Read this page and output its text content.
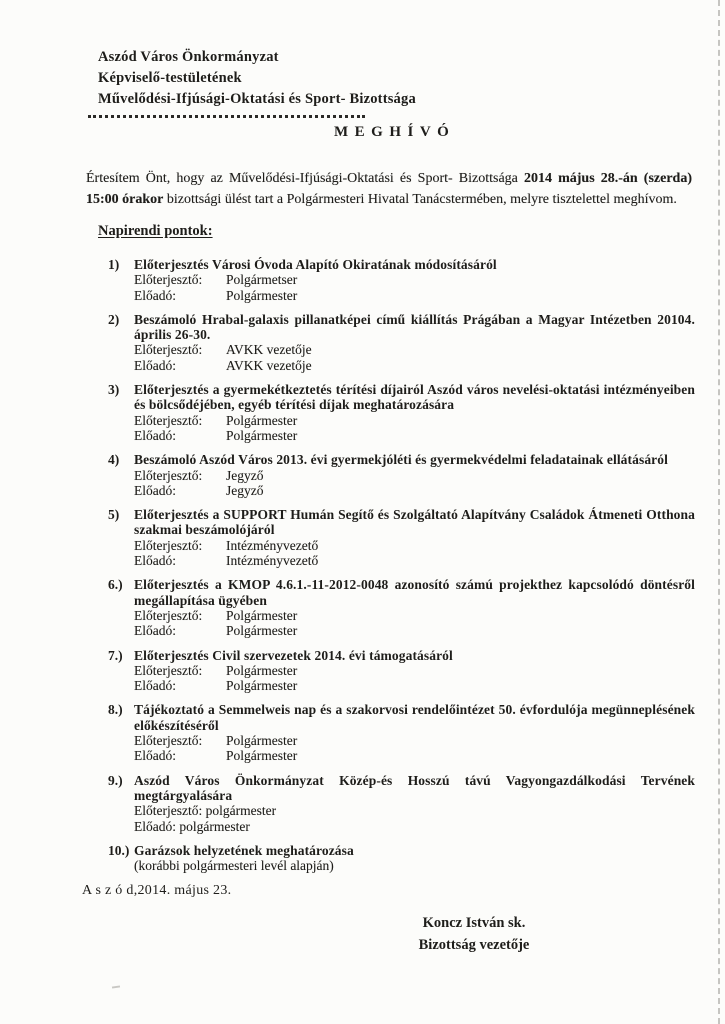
Aszód Város Önkormányzat
Képviselő-testületének
Művelődési-Ifjúsági-Oktatási és Sport- Bizottsága
MEGHÍVÓ

Értesítem Önt, hogy az Művelődési-Ifjúsági-Oktatási és Sport- Bizottsága 2014 május 28.-án (szerda) 15:00 órakor bizottsági ülést tart a Polgármesteri Hivatal Tanácstermében, melyre tisztelettel meghívom.

Napirendi pontok:
1)	Előterjesztés Városi Óvoda Alapító Okiratának módosításáról
Előterjesztő:	Polgármetser
Előadó:	Polgármester
2)	Beszámoló Hrabal-galaxis pillanatképei című kiállítás Prágában a Magyar Intézetben 20104. április 26-30.
Előterjesztő:	AVKK vezetője
Előadó:	AVKK vezetője
3)	Előterjesztés a gyermekétkeztetés térítési díjairól Aszód város nevelési-oktatási intézményeiben és bölcsődéjében, egyéb térítési díjak meghatározására
Előterjesztő:	Polgármester
Előadó:	Polgármester
4)	Beszámoló Aszód Város 2013. évi gyermekjóléti és gyermekvédelmi feladatainak ellátásáról
Előterjesztő:	Jegyző
Előadó:	Jegyző
5)	Előterjesztés a SUPPORT Humán Segítő és Szolgáltató Alapítvány Családok Átmeneti Otthona szakmai beszámolójáról
Előterjesztő:	Intézményvezető
Előadó:	Intézményvezető
6.) Előterjesztés a KMOP 4.6.1.-11-2012-0048 azonosító számú projekthez kapcsolódó döntésről megállapítása ügyében
Előterjesztő:	Polgármester
Előadó:	Polgármester
7.) Előterjesztés Civil szervezetek 2014. évi támogatásáról
Előterjesztő:	Polgármester
Előadó:	Polgármester
8.) Tájékoztató a Semmelweis nap és a szakorvosi rendelőintézet 50. évfordulója megünneplésének előkészítéséről
Előterjesztő:	Polgármester
Előadó:	Polgármester
9.) Aszód Város Önkormányzat Közép-és Hosszú távú Vagyongazdálkodási Tervének megtárgyalására
Előterjesztő: polgármester
Előadó: polgármester
10.) Garázsok helyzetének meghatározása
(korábbi polgármesteri levél alapján)
A s z ó d,2014. május 23.
Koncz István sk.
Bizottság vezetője
